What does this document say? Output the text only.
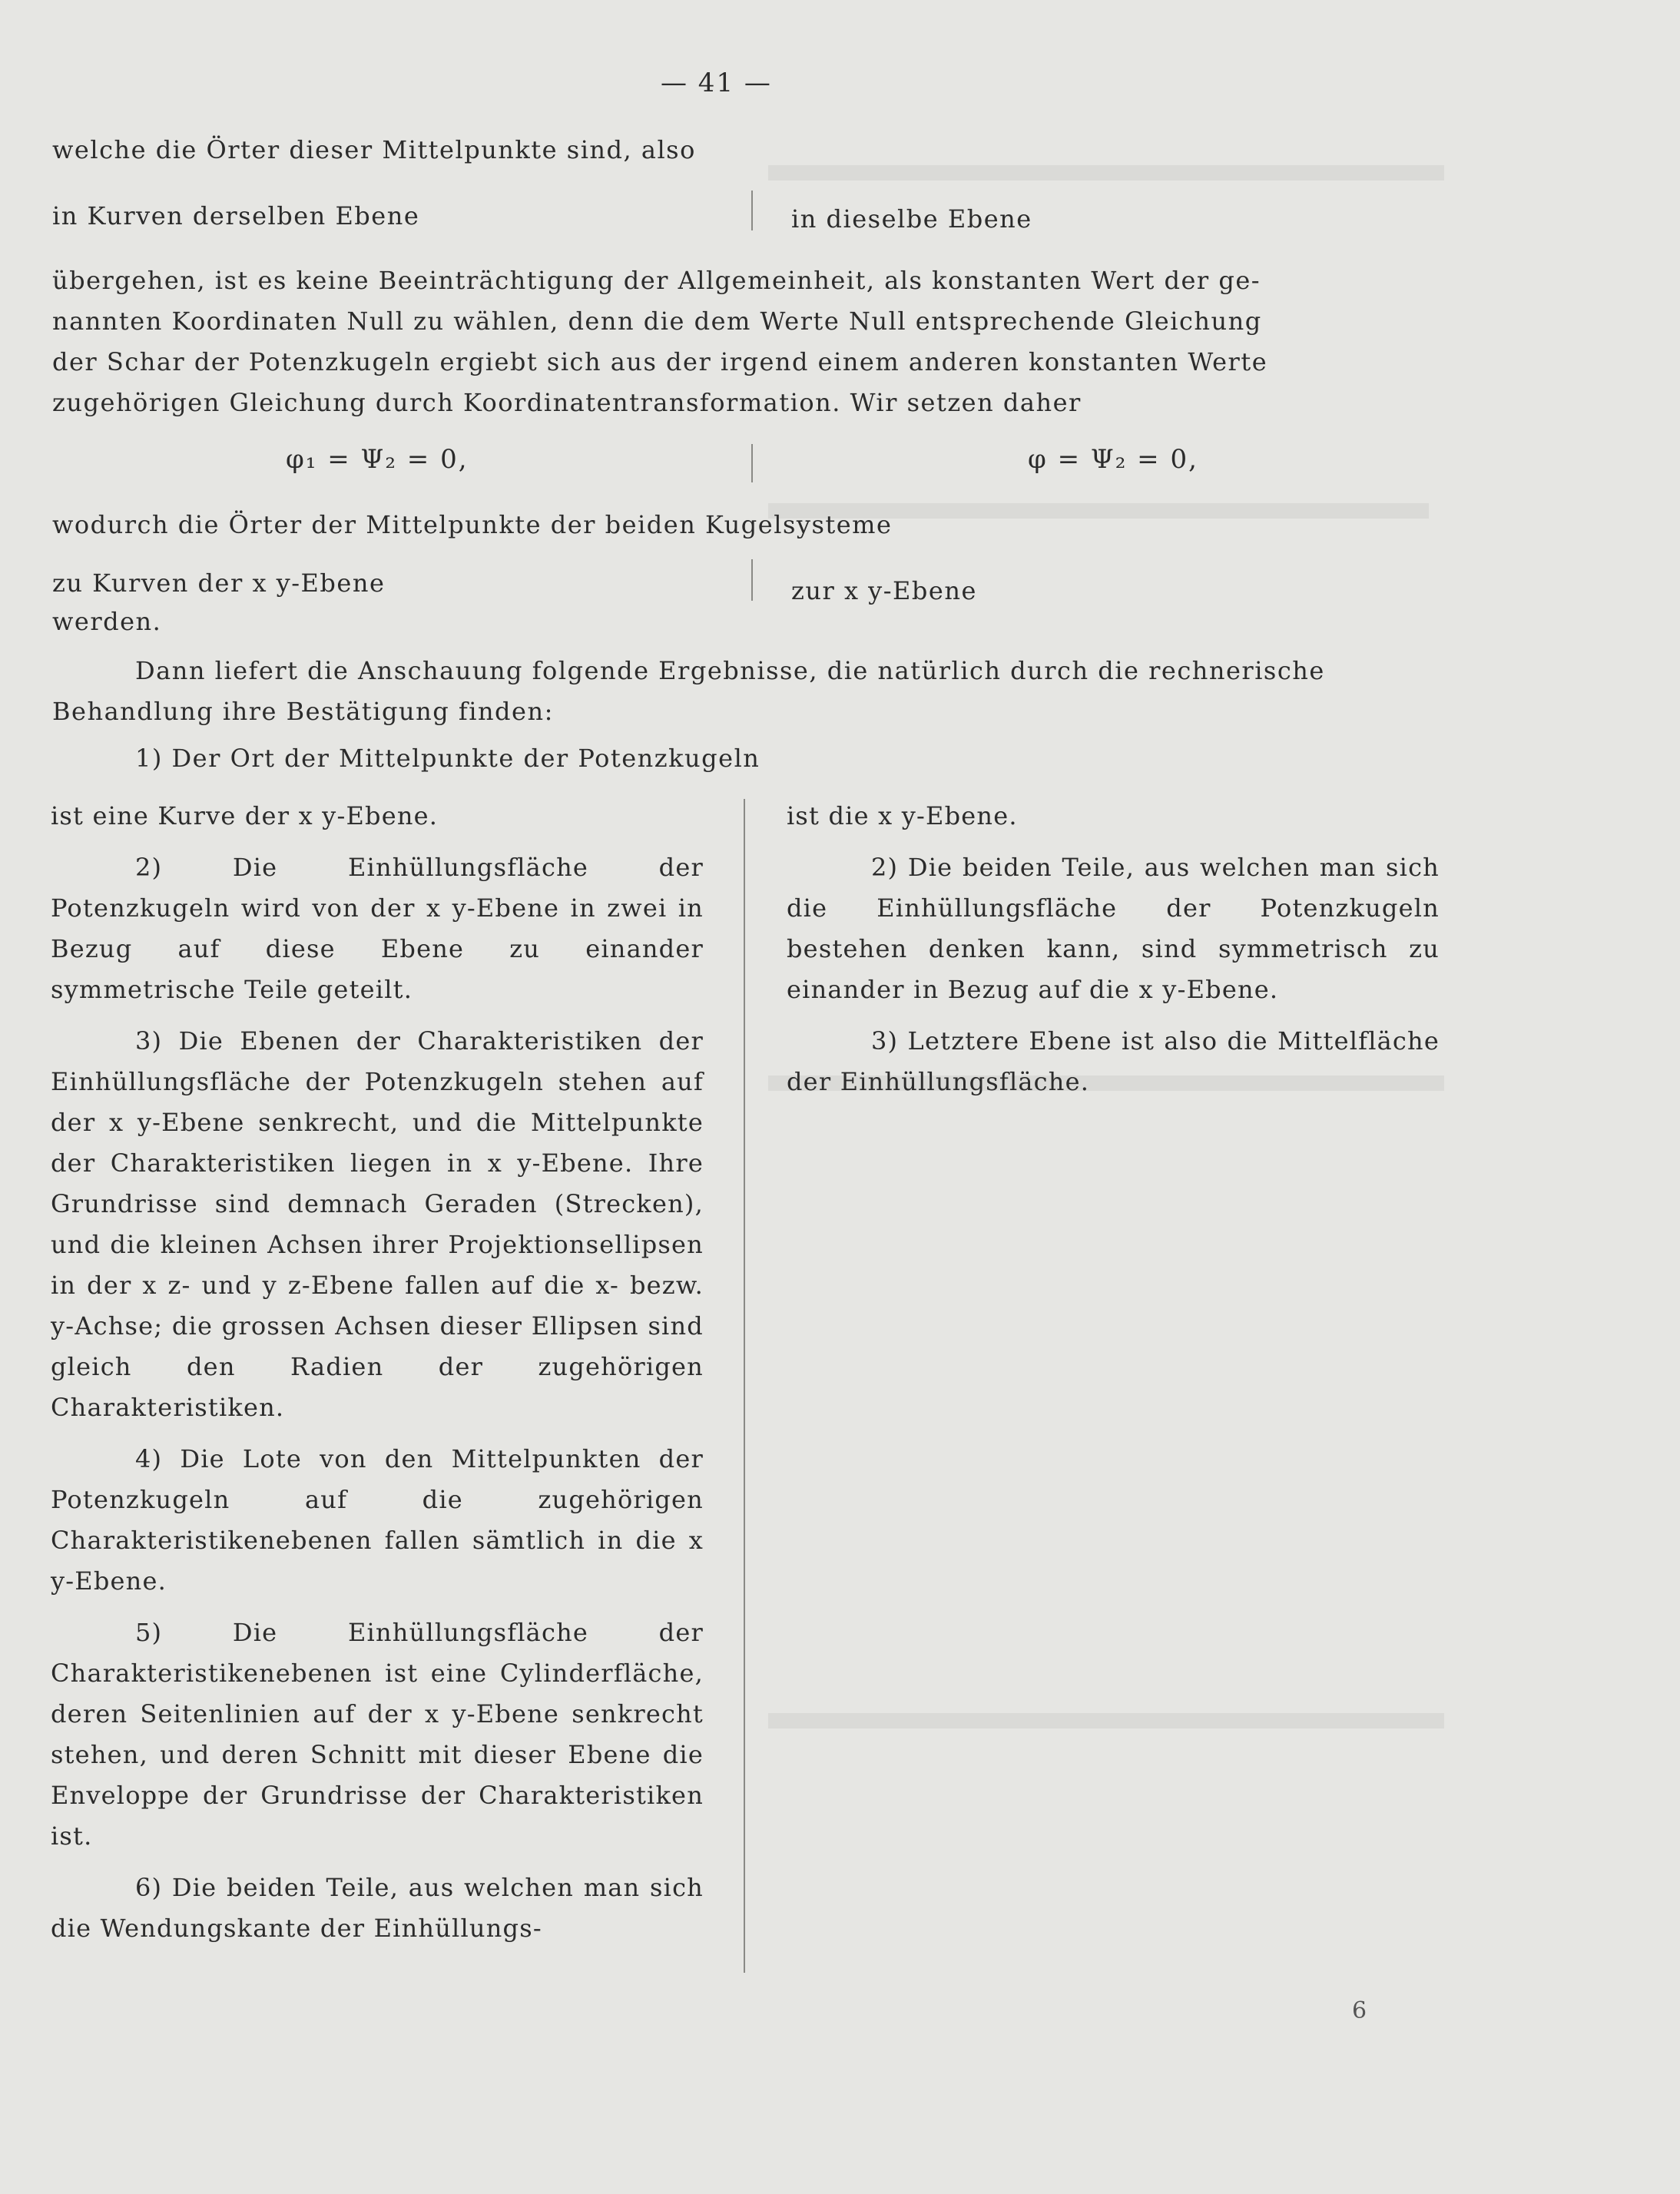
— 41 —
welche die Örter dieser Mittelpunkte sind, also
in Kurven derselben Ebene	in dieselbe Ebene
übergehen, ist es keine Beeinträchtigung der Allgemeinheit, als konstanten Wert der ge-
nannten Koordinaten Null zu wählen, denn die dem Werte Null entsprechende Gleichung
der Schar der Potenzkugeln ergiebt sich aus der irgend einem anderen konstanten Werte
zugehörigen Gleichung durch Koordinatentransformation. Wir setzen daher
φ₁ = Ψ₂ = 0,	φ = Ψ₂ = 0,
wodurch die Örter der Mittelpunkte der beiden Kugelsysteme
zu Kurven der x y-Ebene	zur x y-Ebene
werden.
Dann liefert die Anschauung folgende Ergebnisse, die natürlich durch die rechnerische
Behandlung ihre Bestätigung finden:
1) Der Ort der Mittelpunkte der Potenzkugeln

ist eine Kurve der x y-Ebene.

2) Die Einhüllungsfläche der Potenzkugeln wird von der x y-Ebene in zwei in Bezug auf diese Ebene zu einander symmetrische Teile geteilt.

3) Die Ebenen der Charakteristiken der Einhüllungsfläche der Potenzkugeln stehen auf der x y-Ebene senkrecht, und die Mittelpunkte der Charakteristiken liegen in x y-Ebene. Ihre Grundrisse sind demnach Geraden (Strecken), und die kleinen Achsen ihrer Projektionsellipsen in der x z- und y z-Ebene fallen auf die x- bezw. y-Achse; die grossen Achsen dieser Ellipsen sind gleich den Radien der zugehörigen Charakteristiken.

4) Die Lote von den Mittelpunkten der Potenzkugeln auf die zugehörigen Charakteristikenebenen fallen sämtlich in die x y-Ebene.

5) Die Einhüllungsfläche der Charakteristikenebenen ist eine Cylinderfläche, deren Seitenlinien auf der x y-Ebene senkrecht stehen, und deren Schnitt mit dieser Ebene die Enveloppe der Grundrisse der Charakteristiken ist.

6) Die beiden Teile, aus welchen man sich die Wendungskante der Einhüllungs-

ist die x y-Ebene.

2) Die beiden Teile, aus welchen man sich die Einhüllungsfläche der Potenzkugeln bestehen denken kann, sind symmetrisch zu einander in Bezug auf die x y-Ebene.

3) Letztere Ebene ist also die Mittelfläche der Einhüllungsfläche.

6
